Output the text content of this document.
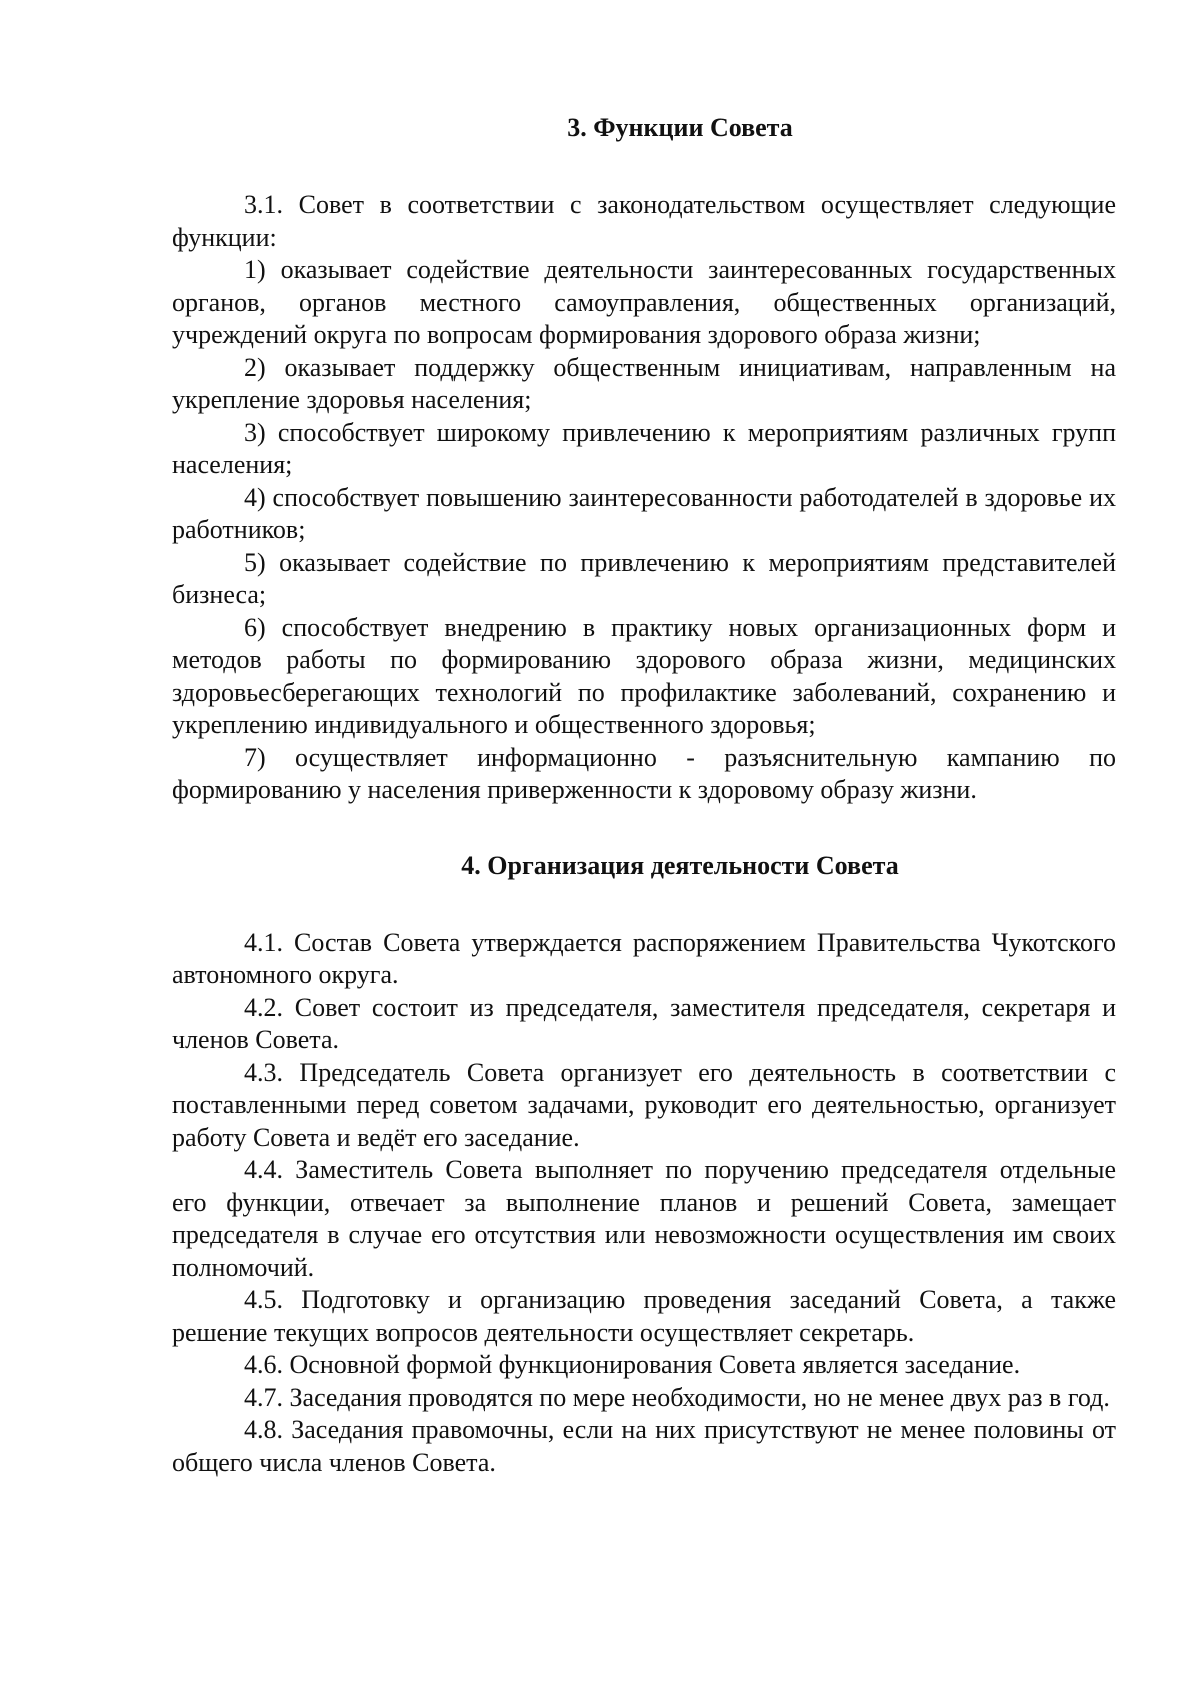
3. Функции Совета

3.1. Совет в соответствии с законодательством осуществляет следующие функции:

1) оказывает содействие деятельности заинтересованных государственных органов, органов местного самоуправления, общественных организаций, учреждений округа по вопросам формирования здорового образа жизни;

2) оказывает поддержку общественным инициативам, направленным на укрепление здоровья населения;

3) способствует широкому привлечению к мероприятиям различных групп населения;

4) способствует повышению заинтересованности работодателей в здоровье их работников;

5) оказывает содействие по привлечению к мероприятиям представителей бизнеса;

6) способствует внедрению в практику новых организационных форм и методов работы по формированию здорового образа жизни, медицинских здоровьесберегающих технологий по профилактике заболеваний, сохранению и укреплению индивидуального и общественного здоровья;

7) осуществляет информационно - разъяснительную кампанию по формированию у населения приверженности к здоровому образу жизни.

4. Организация деятельности Совета

4.1. Состав Совета утверждается распоряжением Правительства Чукотского автономного округа.

4.2. Совет состоит из председателя, заместителя председателя, секретаря и членов Совета.

4.3. Председатель Совета организует его деятельность в соответствии с поставленными перед советом задачами, руководит его деятельностью, организует работу Совета и ведёт его заседание.

4.4. Заместитель Совета выполняет по поручению председателя отдельные его функции, отвечает за выполнение планов и решений Совета, замещает председателя в случае его отсутствия или невозможности осуществления им своих полномочий.

4.5. Подготовку и организацию проведения заседаний Совета, а также решение текущих вопросов деятельности осуществляет секретарь.

4.6. Основной формой функционирования Совета является заседание.

4.7. Заседания проводятся по мере необходимости, но не менее двух раз в год.

4.8. Заседания правомочны, если на них присутствуют не менее половины от общего числа членов Совета.
